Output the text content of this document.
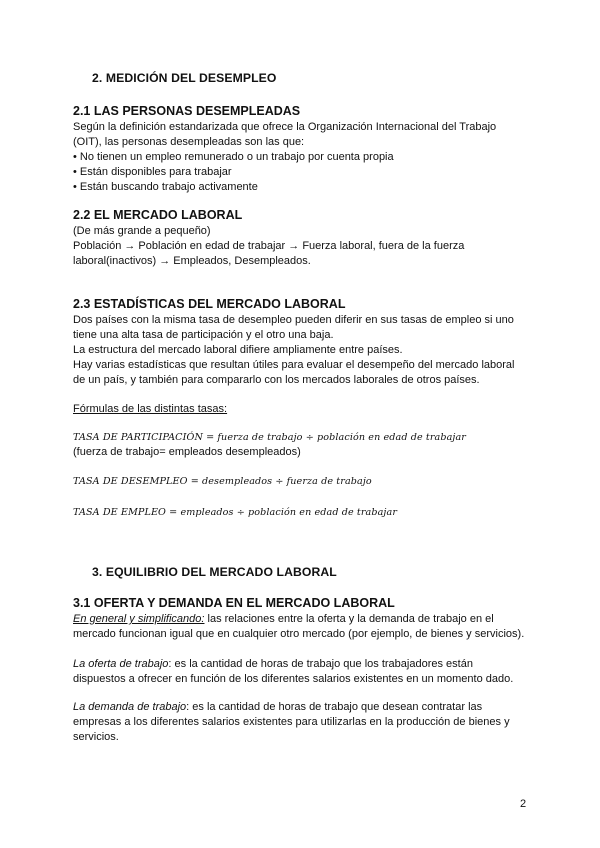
2. MEDICIÓN DEL DESEMPLEO
2.1 LAS PERSONAS DESEMPLEADAS
Según la definición estandarizada que ofrece la Organización Internacional del Trabajo
(OIT), las personas desempleadas son las que:
• No tienen un empleo remunerado o un trabajo por cuenta propia
• Están disponibles para trabajar
• Están buscando trabajo activamente
2.2 EL MERCADO LABORAL
(De más grande a pequeño)
Población → Población en edad de trabajar → Fuerza laboral, fuera de la fuerza
laboral(inactivos) → Empleados, Desempleados.
2.3 ESTADÍSTICAS DEL MERCADO LABORAL
Dos países con la misma tasa de desempleo pueden diferir en sus tasas de empleo si uno
tiene una alta tasa de participación y el otro una baja.
La estructura del mercado laboral difiere ampliamente entre países.
Hay varias estadísticas que resultan útiles para evaluar el desempeño del mercado laboral
de un país, y también para compararlo con los mercados laborales de otros países.
Fórmulas de las distintas tasas:
TASA DE PARTICIPACIÓN = fuerza de trabajo ÷ población en edad de trabajar
(fuerza de trabajo= empleados desempleados)
TASA DE DESEMPLEO = desempleados ÷ fuerza de trabajo
TASA DE EMPLEO = empleados ÷ población en edad de trabajar
3. EQUILIBRIO DEL MERCADO LABORAL
3.1 OFERTA Y DEMANDA EN EL MERCADO LABORAL
En general y simplificando: las relaciones entre la oferta y la demanda de trabajo en el
mercado funcionan igual que en cualquier otro mercado (por ejemplo, de bienes y servicios).
La oferta de trabajo: es la cantidad de horas de trabajo que los trabajadores están
dispuestos a ofrecer en función de los diferentes salarios existentes en un momento dado.
La demanda de trabajo: es la cantidad de horas de trabajo que desean contratar las
empresas a los diferentes salarios existentes para utilizarlas en la producción de bienes y
servicios.
2
